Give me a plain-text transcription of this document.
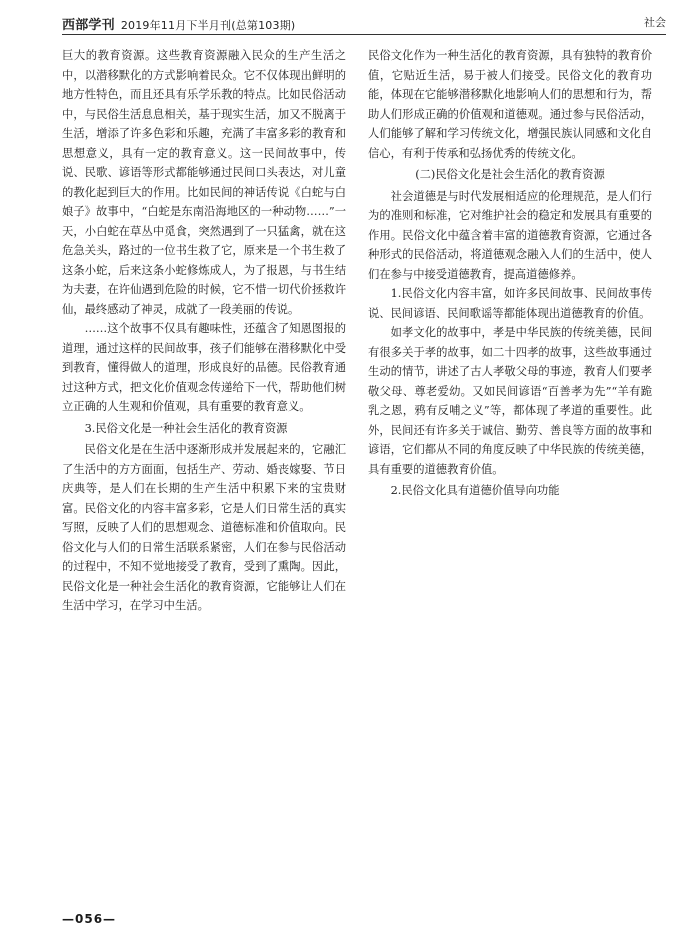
西部学刊 2019年11月下半月刊(总第103期)	社会

巨大的教育资源。这些教育资源融入民众的生产生活之中，以潜移默化的方式影响着民众。它不仅体现出鲜明的地方性特色，而且还具有乐学乐教的特点。比如民俗活动中，与民俗生活息息相关，基于现实生活，加又不脱离于生活，增添了许多色彩和乐趣，充满了丰富多彩的教育和思想意义，具有一定的教育意义。这一民间故事中，传说、民歌、谚语等形式都能够通过民间口头表达，对儿童的教化起到巨大的作用。比如民间的神话传说《白蛇与白娘子》故事中，“白蛇是东南沿海地区的一种动物……”一天，小白蛇在草丛中觅食，突然遇到了一只猛禽，就在这危急关头，路过的一位书生救了它，原来是一个书生救了这条小蛇，后来这条小蛇修炼成人，为了报恩，与书生结为夫妻，在许仙遇到危险的时候，它不惜一切代价拯救许仙，最终感动了神灵，成就了一段美丽的传说。

……这个故事不仅具有趣味性，还蕴含了知恩图报的道理，通过这样的民间故事，孩子们能够在潜移默化中受到教育，懂得做人的道理，形成良好的品德。民俗教育通过这种方式，把文化价值观念传递给下一代，帮助他们树立正确的人生观和价值观，具有重要的教育意义。

3.民俗文化是一种社会生活化的教育资源

民俗文化是在生活中逐渐形成并发展起来的，它融汇了生活中的方方面面，包括生产、劳动、婚丧嫁娶、节日庆典等，是人们在长期的生产生活中积累下来的宝贵财富。民俗文化的内容丰富多彩，它是人们日常生活的真实写照，反映了人们的思想观念、道德标准和价值取向。民俗文化与人们的日常生活联系紧密，人们在参与民俗活动的过程中，不知不觉地接受了教育，受到了熏陶。因此，民俗文化是一种社会生活化的教育资源，它能够让人们在生活中学习，在学习中生活。

民俗文化作为一种生活化的教育资源，具有独特的教育价值，它贴近生活，易于被人们接受。民俗文化的教育功能，体现在它能够潜移默化地影响人们的思想和行为，帮助人们形成正确的价值观和道德观。通过参与民俗活动，人们能够了解和学习传统文化，增强民族认同感和文化自信心，有利于传承和弘扬优秀的传统文化。

(二)民俗文化是社会生活化的教育资源

社会道德是与时代发展相适应的伦理规范，是人们行为的准则和标准，它对维护社会的稳定和发展具有重要的作用。民俗文化中蕴含着丰富的道德教育资源，它通过各种形式的民俗活动，将道德观念融入人们的生活中，使人们在参与中接受道德教育，提高道德修养。

1.民俗文化内容丰富，如许多民间故事、民间故事传说、民间谚语、民间歌谣等都能体现出道德教育的价值。

如孝文化的故事中，孝是中华民族的传统美德，民间有很多关于孝的故事，如二十四孝的故事，这些故事通过生动的情节，讲述了古人孝敬父母的事迹，教育人们要孝敬父母、尊老爱幼。又如民间谚语“百善孝为先”“羊有跪乳之恩，鸦有反哺之义”等，都体现了孝道的重要性。此外，民间还有许多关于诚信、勤劳、善良等方面的故事和谚语，它们都从不同的角度反映了中华民族的传统美德，具有重要的道德教育价值。

2.民俗文化具有道德价值导向功能

—056—
